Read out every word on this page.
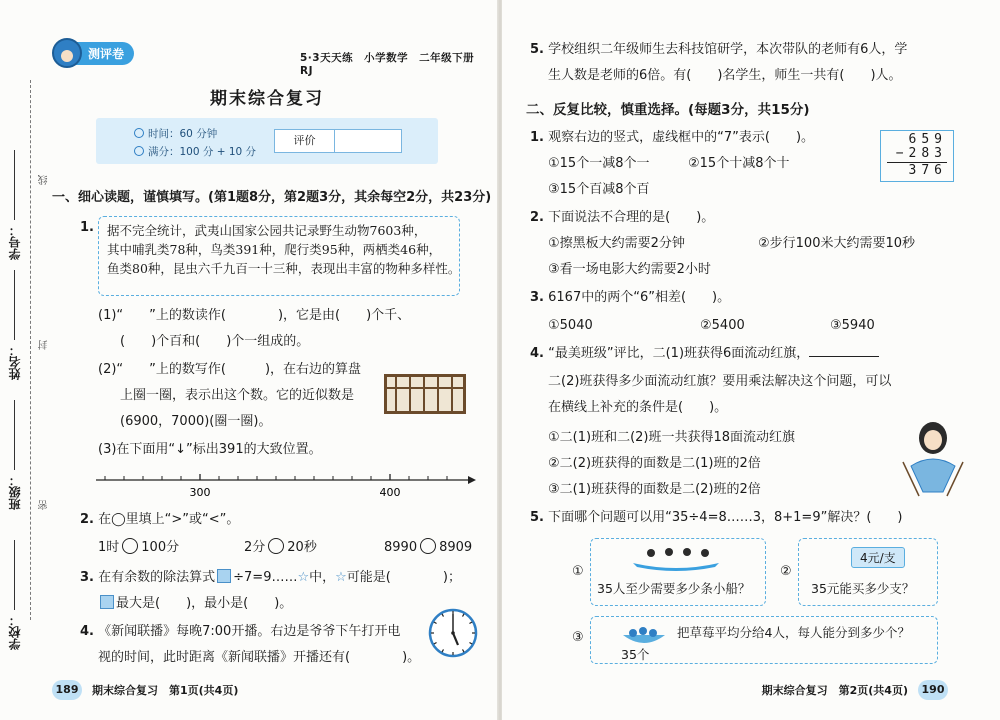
学校：
班级：
姓名：
学号：
密
封
线
测评卷	5·3天天练　小学数学　二年级下册　RJ
期末综合复习
时间：60 分钟
满分：100 分 + 10 分
评价
一、细心读题，谨慎填写。(第1题8分，第2题3分，其余每空2分，共23分)
1. 据不完全统计，武夷山国家公园共记录野生动物7603种，
其中哺乳类78种，鸟类391种，爬行类95种，两栖类46种，
鱼类80种，昆虫六千九百一十三种，表现出丰富的物种多样性。
(1)“　　”上的数读作(　　　　)，它是由(　　)个千、
(　　)个百和(　　)个一组成的。
(2)“　　”上的数写作(　　　)，在右边的算盘
上圈一圈，表示出这个数。它的近似数是
(6900，7000)(圈一圈)。
(3)在下面用“↓”标出391的大致位置。
300	400
2. 在◯里填上“>”或“<”。
1时 100分	2分 20秒	8990 8909
3. 在有余数的除法算式 ÷7=9……☆中，☆可能是(　　　　)；
最大是(　　)，最小是(　　)。
4. 《新闻联播》每晚7:00开播。右边是爷爷下午打开电
视的时间，此时距离《新闻联播》开播还有(　　　　)。
189	期末综合复习　第1页(共4页)
5. 学校组织二年级师生去科技馆研学，本次带队的老师有6人，学
生人数是老师的6倍。有(　　)名学生，师生一共有(　　)人。
二、反复比较，慎重选择。(每题3分，共15分)
1. 观察右边的竖式，虚线框中的“7”表示(　　)。
①15个一减8个一	②15个十减8个十
③15个百减8个百
659
−283
376
2. 下面说法不合理的是(　　)。
①擦黑板大约需要2分钟	②步行100米大约需要10秒
③看一场电影大约需要2小时
3. 6167中的两个“6”相差(　　)。
①5040	②5400	③5940
4. “最美班级”评比，二(1)班获得6面流动红旗，
二(2)班获得多少面流动红旗？要用乘法解决这个问题，可以
在横线上补充的条件是(　　)。
①二(1)班和二(2)班一共获得18面流动红旗
②二(2)班获得的面数是二(1)班的2倍
③二(1)班获得的面数是二(2)班的2倍
5. 下面哪个问题可以用“35÷4=8……3，8+1=9”解决？(　　)
35人至少需要多少条小船？
①
4元/支
35元能买多少支？
②
把草莓平均分给4人，每人能分到多少个？
35个
③
期末综合复习　第2页(共4页)	190
